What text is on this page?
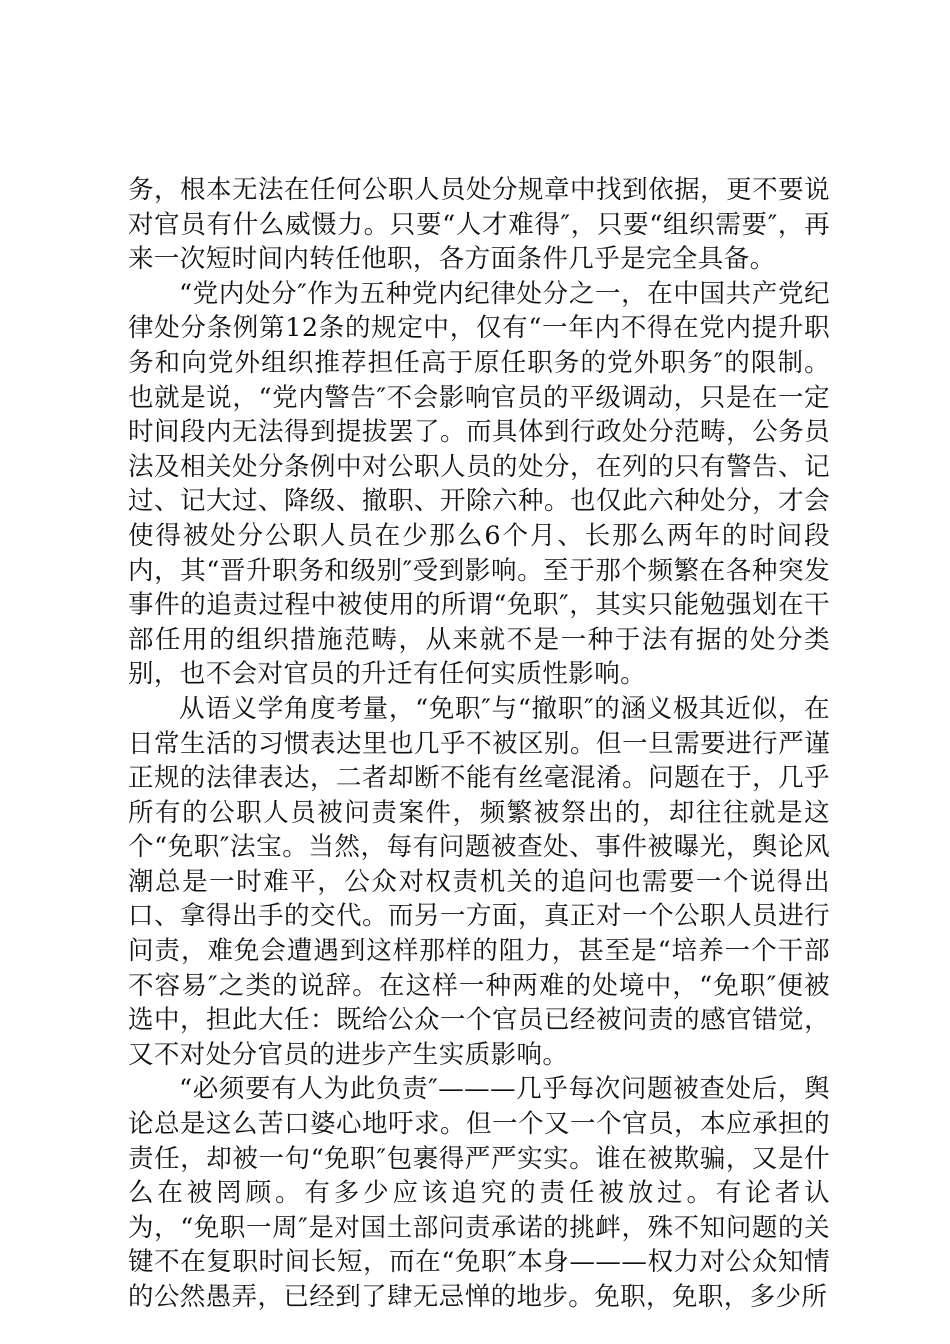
务，根本无法在任何公职人员处分规章中找到依据，更不要说对官员有什么威慑力。只要“人才难得″，只要“组织需要″，再来一次短时间内转任他职，各方面条件几乎是完全具备。

“党内处分″作为五种党内纪律处分之一，在中国共产党纪律处分条例第12条的规定中，仅有“一年内不得在党内提升职务和向党外组织推荐担任高于原任职务的党外职务″的限制。也就是说，“党内警告″不会影响官员的平级调动，只是在一定时间段内无法得到提拔罢了。而具体到行政处分范畴，公务员法及相关处分条例中对公职人员的处分，在列的只有警告、记过、记大过、降级、撤职、开除六种。也仅此六种处分，才会使得被处分公职人员在少那么6个月、长那么两年的时间段内，其“晋升职务和级别″受到影响。至于那个频繁在各种突发事件的追责过程中被使用的所谓“免职″，其实只能勉强划在干部任用的组织措施范畴，从来就不是一种于法有据的处分类别，也不会对官员的升迁有任何实质性影响。

从语义学角度考量，“免职″与“撤职″的涵义极其近似，在日常生活的习惯表达里也几乎不被区别。但一旦需要进行严谨正规的法律表达，二者却断不能有丝毫混淆。问题在于，几乎所有的公职人员被问责案件，频繁被祭出的，却往往就是这个“免职″法宝。当然，每有问题被查处、事件被曝光，舆论风潮总是一时难平，公众对权责机关的追问也需要一个说得出口、拿得出手的交代。而另一方面，真正对一个公职人员进行问责，难免会遭遇到这样那样的阻力，甚至是“培养一个干部不容易″之类的说辞。在这样一种两难的处境中，“免职″便被选中，担此大任：既给公众一个官员已经被问责的感官错觉，又不对处分官员的进步产生实质影响。

“必须要有人为此负责″———几乎每次问题被查处后，舆论总是这么苦口婆心地吁求。但一个又一个官员，本应承担的责任，却被一句“免职″包裹得严严实实。谁在被欺骗，又是什么在被罔顾。有多少应该追究的责任被放过。有论者认为，“免职一周″是对国土部问责承诺的挑衅，殊不知问题的关键不在复职时间长短，而在“免职″本身———权力对公众知情的公然愚弄，已经到了肆无忌惮的地步。免职，免职，多少所
